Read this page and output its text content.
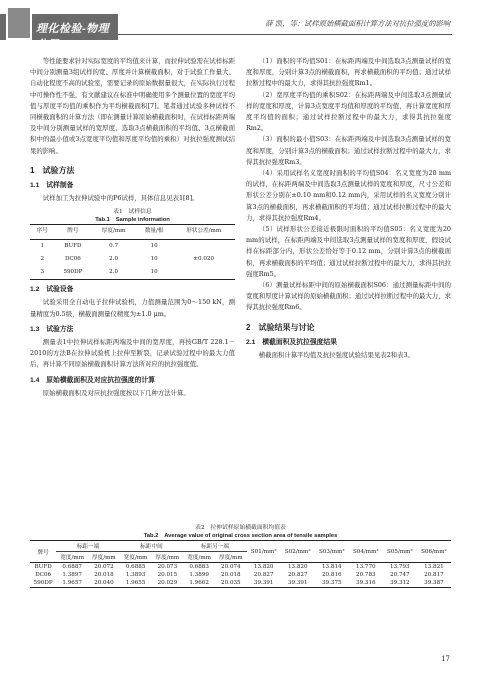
理化检验-物理分册
薛 凯，等：试样原始横截面积计算方法对抗拉强度的影响

等性能要求针对实际宽度的平均值来计算，而拉伸试验需在试样标距中间分别测量3组试样的宽、厚度并计算横截面积，对于试验工作量大、自动化程度不高的试验室，需要记录的原始数据量很大，在实际执行过程中可操作性不强，有文献建议在标准中明确使用多个测量位置的宽度平均值与厚度平均值的乘积作为平均横截面积[7]。笔者通过试验多种试样不同横截面积的计算方法（即在测量计算原始横截面积时，在试样标距两端及中间分别测量试样的宽厚度，选取3点横截面积的平均值、3点横截面积中的最小值或3点宽度平均值和厚度平均值的乘积）对抗拉强度测试结果的影响。

1　试验方法
1.1　试样制备

试样加工为拉伸试验中的P6试样，具体信息见表1[8]。

表1　试样信息
Tab.1　Sample information
序号	牌号	厚度/mm	数量/根	形状公差/mm
1	BUFD	0.7	10	
2	DC06	2.0	10	±0.020
3	590DP	2.0	10	
1.2　试验设备

试验采用全自动电子拉伸试验机，力值测量范围为0～150 kN，测量精度为0.5级，横截面测量仪精度为±1.0 μm。

1.3　试验方法

测量表1中拉伸试样标距两端及中间的宽厚度，再按GB/T 228.1－2010的方法B在拉伸试验机上拉伸至断裂，记录试验过程中的最大力值后，再计算不同原始横截面积计算方法所对应的抗拉强度值。

1.4　原始横截面积及对应抗拉强度的计算

原始横截面积及对应抗拉强度按以下几种方法计算。

（1）面积的平均值S01：在标距两端及中间选取3点测量试样的宽度和厚度，分别计算3点的横截面积，再求横截面积的平均值；通过试样拉断过程中的最大力，求得其抗拉强度Rm1。

（2）宽厚度平均值的乘积S02：在标距两端及中间选取3点测量试样的宽度和厚度，计算3点宽度平均值和厚度的平均值，再计算宽度和厚度平均值的面积；通过试样拉断过程中的最大力，求得其抗拉强度Rm2。

（3）面积的最小值S03：在标距两端及中间选取3点测量试样的宽度和厚度，分别计算3点的横截面积；通过试样拉断过程中的最大力，求得其抗拉强度Rm3。

（4）采用试样名义宽度时面积的平均值S04：名义宽度为20 mm的试样，在标距两端及中间选取3点测量试样的宽度和厚度，尺寸公差和形状公差分别在±0.10 mm和0.12 mm内，采用试样的名义宽度分别计算3点的横截面积，再求横截面积的平均值；通过试样拉断过程中的最大力，求得其抗拉强度Rm4。

（5）试样形状公差接近极限时面积的平均值S05：名义宽度为20 mm的试样，在标距两端及中间选取3点测量试样的宽度和厚度，假设试样在标距部分内，形状公差恰好等于0.12 mm，分别计算3点的横截面积，再求横截面积的平均值；通过试样拉断过程中的最大力，求得其抗拉强度Rm5。

（6）测量试样标距中间的原始横截面积S06：通过测量标距中间的宽度和厚度计算试样的原始横截面积；通过试样拉断过程中的最大力，求得其抗拉强度Rm6。

2　试验结果与讨论
2.1　横截面积及抗拉强度结果

横截面积计算平均值及抗拉强度试验结果见表2和表3。

表2　拉伸试样原始横截面积均值表
Tab.2　Average value of original cross section area of tensile samples
牌号	标距一端		标距中间		标距另一端		S01/mm²	S02/mm²	S03/mm²	S04/mm²	S05/mm²	S06/mm²
	宽度/mm	厚度/mm	宽度/mm	厚度/mm	宽度/mm	厚度/mm						
BUFD	0.6887	20.072	0.6885	20.073	0.6883	20.074	13.820	13.820	13.814	13.770	13.793	13.821
DC06	1.3897	20.018	1.3893	20.015	1.3899	20.018	20.827	20.827	20.816	20.783	20.747	20.817
590DP	1.9657	20.040	1.9655	20.029	1.9662	20.035	39.391	39.391	39.375	39.316	39.312	39.387
17
